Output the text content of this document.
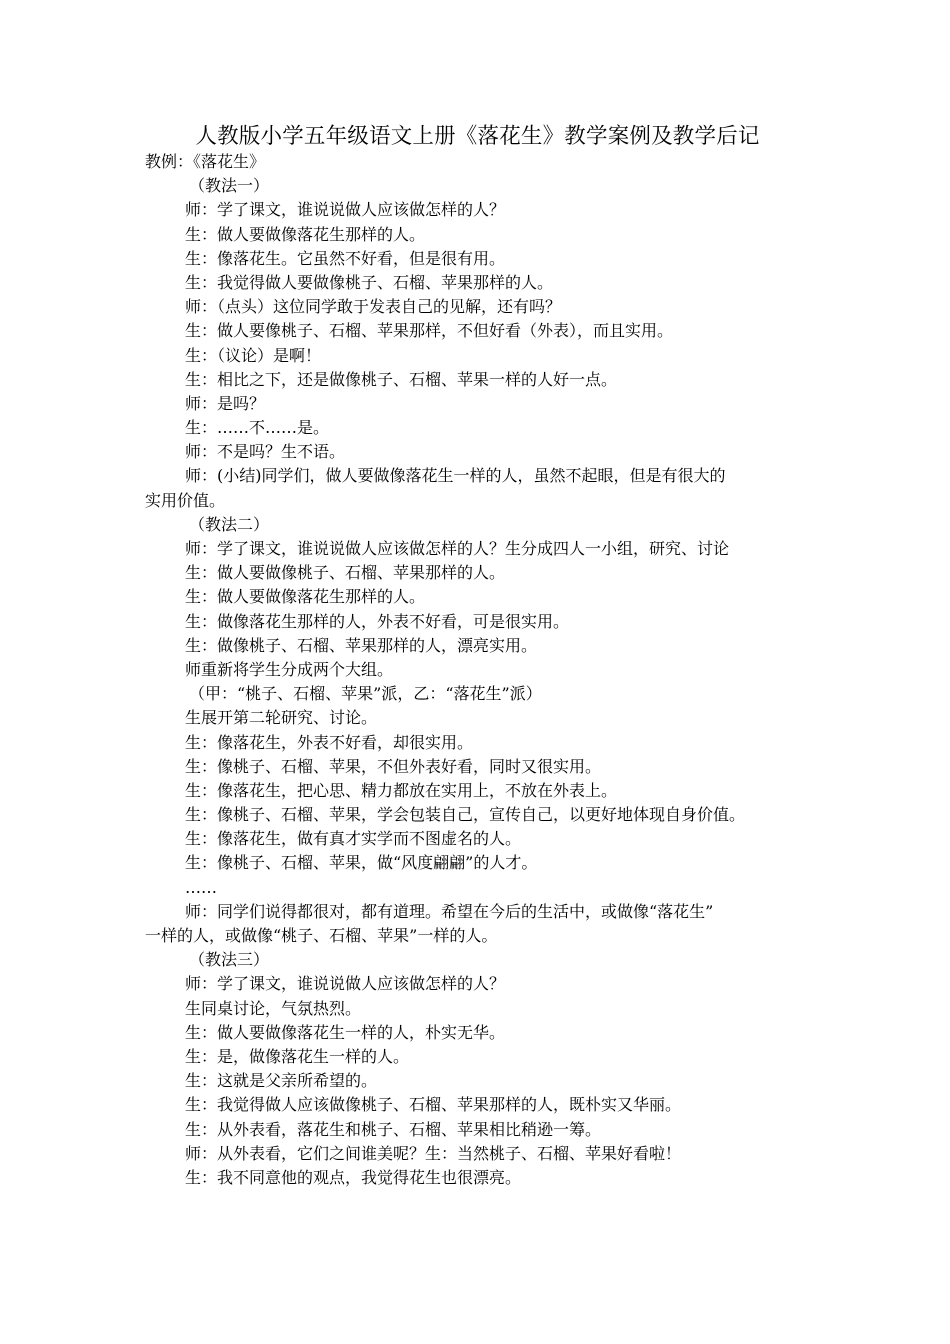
人教版小学五年级语文上册《落花生》教学案例及教学后记

教例：《落花生》

（教法一）

师：学了课文，谁说说做人应该做怎样的人？

生：做人要做像落花生那样的人。

生：像落花生。它虽然不好看，但是很有用。

生：我觉得做人要做像桃子、石榴、苹果那样的人。

师：（点头）这位同学敢于发表自己的见解，还有吗？

生：做人要像桃子、石榴、苹果那样，不但好看（外表），而且实用。

生：（议论）是啊！

生：相比之下，还是做像桃子、石榴、苹果一样的人好一点。

师：是吗？

生：……不……是。

师：不是吗？生不语。

师：(小结)同学们，做人要做像落花生一样的人，虽然不起眼，但是有很大的

实用价值。

（教法二）

师：学了课文，谁说说做人应该做怎样的人？生分成四人一小组，研究、讨论

生：做人要做像桃子、石榴、苹果那样的人。

生：做人要做像落花生那样的人。

生：做像落花生那样的人，外表不好看，可是很实用。

生：做像桃子、石榴、苹果那样的人，漂亮实用。

师重新将学生分成两个大组。

（甲：“桃子、石榴、苹果”派，乙：“落花生”派）

生展开第二轮研究、讨论。

生：像落花生，外表不好看，却很实用。

生：像桃子、石榴、苹果，不但外表好看，同时又很实用。

生：像落花生，把心思、精力都放在实用上，不放在外表上。

生：像桃子、石榴、苹果，学会包装自己，宣传自己，以更好地体现自身价值。

生：像落花生，做有真才实学而不图虚名的人。

生：像桃子、石榴、苹果，做“风度翩翩”的人才。

……

师：同学们说得都很对，都有道理。希望在今后的生活中，或做像“落花生”

一样的人，或做像“桃子、石榴、苹果”一样的人。

（教法三）

师：学了课文，谁说说做人应该做怎样的人？

生同桌讨论，气氛热烈。

生：做人要做像落花生一样的人，朴实无华。

生：是，做像落花生一样的人。

生：这就是父亲所希望的。

生：我觉得做人应该做像桃子、石榴、苹果那样的人，既朴实又华丽。

生：从外表看，落花生和桃子、石榴、苹果相比稍逊一筹。

师：从外表看，它们之间谁美呢？生：当然桃子、石榴、苹果好看啦！

生：我不同意他的观点，我觉得花生也很漂亮。
